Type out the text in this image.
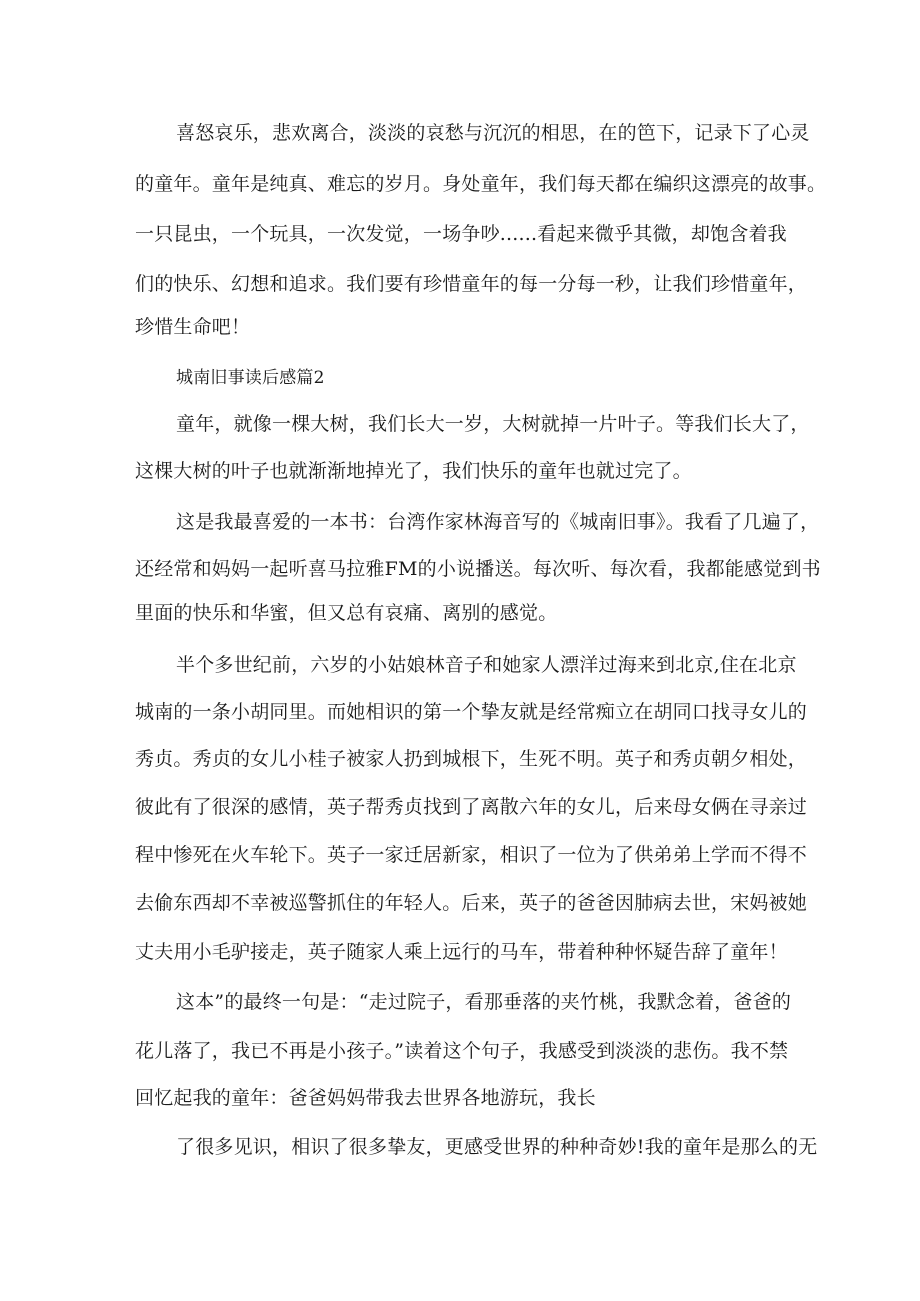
喜怒哀乐，悲欢离合，淡淡的哀愁与沉沉的相思，在的笆下，记录下了心灵
的童年。童年是纯真、难忘的岁月。身处童年，我们每天都在编织这漂亮的故事。
一只昆虫，一个玩具，一次发觉，一场争吵......看起来微乎其微，却饱含着我
们的快乐、幻想和追求。我们要有珍惜童年的每一分每一秒，让我们珍惜童年，
珍惜生命吧！
城南旧事读后感篇2
童年，就像一棵大树，我们长大一岁，大树就掉一片叶子。等我们长大了，
这棵大树的叶子也就渐渐地掉光了，我们快乐的童年也就过完了。
这是我最喜爱的一本书：台湾作家林海音写的《城南旧事》。我看了几遍了，
还经常和妈妈一起听喜马拉雅FM的小说播送。每次听、每次看，我都能感觉到书
里面的快乐和华蜜，但又总有哀痛、离别的感觉。
半个多世纪前，六岁的小姑娘林音子和她家人漂洋过海来到北京,住在北京
城南的一条小胡同里。而她相识的第一个挚友就是经常痴立在胡同口找寻女儿的
秀贞。秀贞的女儿小桂子被家人扔到城根下，生死不明。英子和秀贞朝夕相处，
彼此有了很深的感情，英子帮秀贞找到了离散六年的女儿，后来母女俩在寻亲过
程中惨死在火车轮下。英子一家迁居新家，相识了一位为了供弟弟上学而不得不
去偷东西却不幸被巡警抓住的年轻人。后来，英子的爸爸因肺病去世，宋妈被她
丈夫用小毛驴接走，英子随家人乘上远行的马车，带着种种怀疑告辞了童年！
这本”的最终一句是：“走过院子，看那垂落的夹竹桃，我默念着，爸爸的
花儿落了，我已不再是小孩子。”读着这个句子，我感受到淡淡的悲伤。我不禁
回忆起我的童年：爸爸妈妈带我去世界各地游玩，我长
了很多见识，相识了很多挚友，更感受世界的种种奇妙!我的童年是那么的无
